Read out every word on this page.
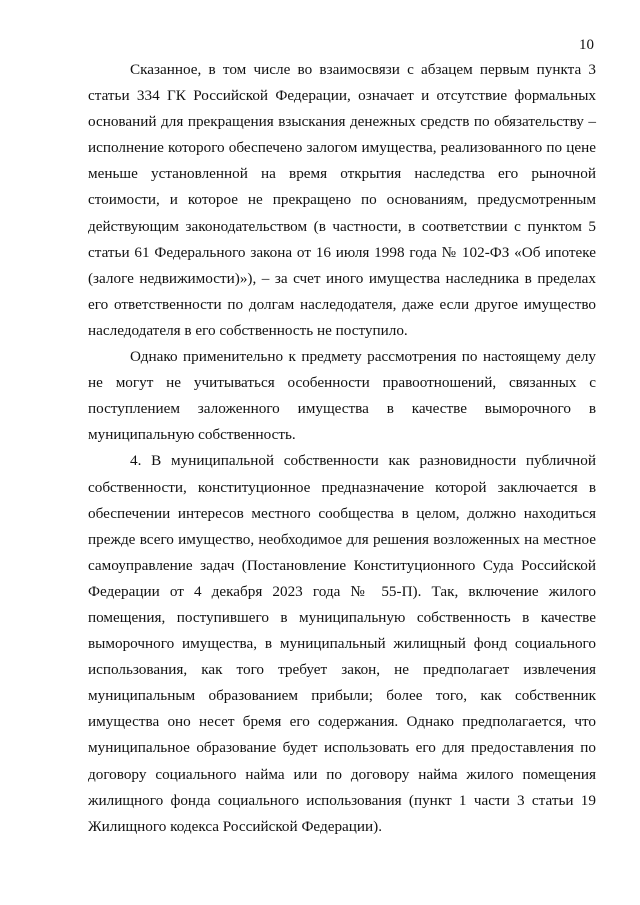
10

Сказанное, в том числе во взаимосвязи с абзацем первым пункта 3 статьи 334 ГК Российской Федерации, означает и отсутствие формальных оснований для прекращения взыскания денежных средств по обязательству – исполнение которого обеспечено залогом имущества, реализованного по цене меньше установленной на время открытия наследства его рыночной стоимости, и которое не прекращено по основаниям, предусмотренным действующим законодательством (в частности, в соответствии с пунктом 5 статьи 61 Федерального закона от 16 июля 1998 года № 102-ФЗ «Об ипотеке (залоге недвижимости)»), – за счет иного имущества наследника в пределах его ответственности по долгам наследодателя, даже если другое имущество наследодателя в его собственность не поступило.

Однако применительно к предмету рассмотрения по настоящему делу не могут не учитываться особенности правоотношений, связанных с поступлением заложенного имущества в качестве выморочного в муниципальную собственность.

4. В муниципальной собственности как разновидности публичной собственности, конституционное предназначение которой заключается в обеспечении интересов местного сообщества в целом, должно находиться прежде всего имущество, необходимое для решения возложенных на местное самоуправление задач (Постановление Конституционного Суда Российской Федерации от 4 декабря 2023 года № 55-П). Так, включение жилого помещения, поступившего в муниципальную собственность в качестве выморочного имущества, в муниципальный жилищный фонд социального использования, как того требует закон, не предполагает извлечения муниципальным образованием прибыли; более того, как собственник имущества оно несет бремя его содержания. Однако предполагается, что муниципальное образование будет использовать его для предоставления по договору социального найма или по договору найма жилого помещения жилищного фонда социального использования (пункт 1 части 3 статьи 19 Жилищного кодекса Российской Федерации).
